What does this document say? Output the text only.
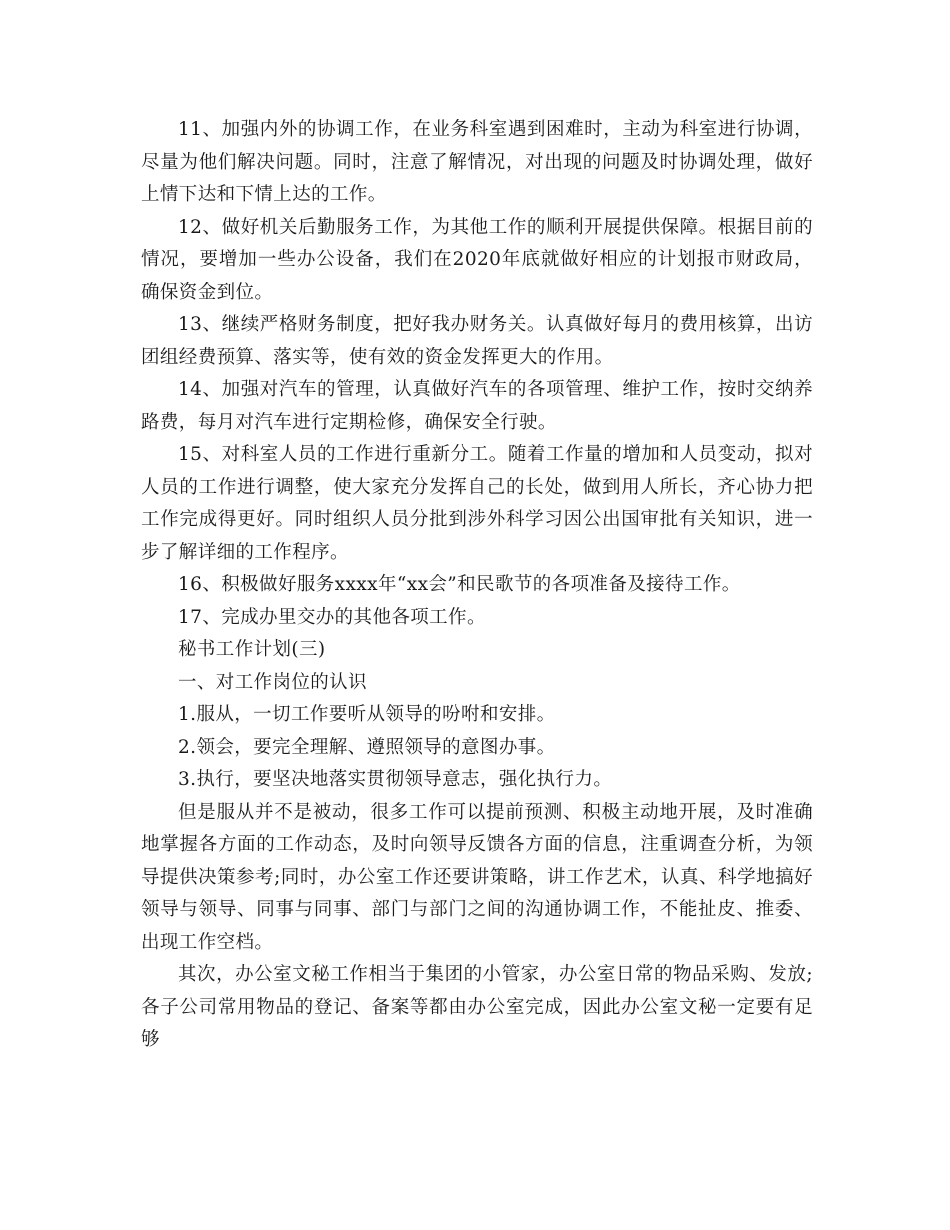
11、加强内外的协调工作，在业务科室遇到困难时，主动为科室进行协调，尽量为他们解决问题。同时，注意了解情况，对出现的问题及时协调处理，做好上情下达和下情上达的工作。

12、做好机关后勤服务工作，为其他工作的顺利开展提供保障。根据目前的情况，要增加一些办公设备，我们在2020年底就做好相应的计划报市财政局，确保资金到位。

13、继续严格财务制度，把好我办财务关。认真做好每月的费用核算，出访团组经费预算、落实等，使有效的资金发挥更大的作用。

14、加强对汽车的管理，认真做好汽车的各项管理、维护工作，按时交纳养路费，每月对汽车进行定期检修，确保安全行驶。

15、对科室人员的工作进行重新分工。随着工作量的增加和人员变动，拟对人员的工作进行调整，使大家充分发挥自己的长处，做到用人所长，齐心协力把工作完成得更好。同时组织人员分批到涉外科学习因公出国审批有关知识，进一步了解详细的工作程序。

16、积极做好服务xxxx年“xx会”和民歌节的各项准备及接待工作。

17、完成办里交办的其他各项工作。

秘书工作计划(三)

一、对工作岗位的认识

1.服从，一切工作要听从领导的吩咐和安排。

2.领会，要完全理解、遵照领导的意图办事。

3.执行，要坚决地落实贯彻领导意志，强化执行力。

但是服从并不是被动，很多工作可以提前预测、积极主动地开展，及时准确地掌握各方面的工作动态，及时向领导反馈各方面的信息，注重调查分析，为领导提供决策参考;同时，办公室工作还要讲策略，讲工作艺术，认真、科学地搞好领导与领导、同事与同事、部门与部门之间的沟通协调工作，不能扯皮、推委、出现工作空档。

其次，办公室文秘工作相当于集团的小管家，办公室日常的物品采购、发放;各子公司常用物品的登记、备案等都由办公室完成，因此办公室文秘一定要有足够
